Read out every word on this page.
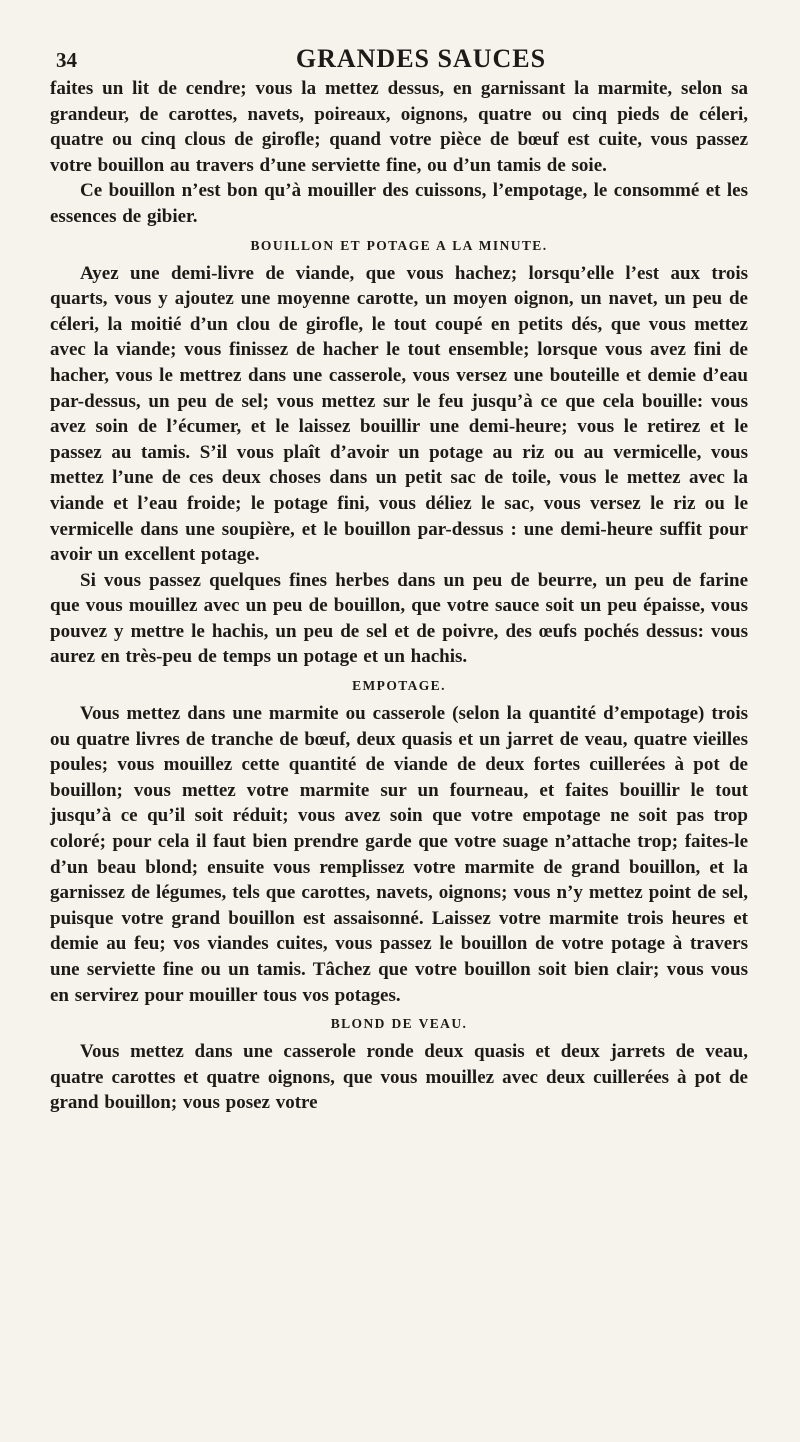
34	GRANDES SAUCES

faites un lit de cendre; vous la mettez dessus, en garnissant la marmite, selon sa grandeur, de carottes, navets, poireaux, oignons, quatre ou cinq pieds de céleri, quatre ou cinq clous de girofle; quand votre pièce de bœuf est cuite, vous passez votre bouillon au travers d’une serviette fine, ou d’un tamis de soie.

Ce bouillon n’est bon qu’à mouiller des cuissons, l’empotage, le consommé et les essences de gibier.

BOUILLON ET POTAGE A LA MINUTE.

Ayez une demi-livre de viande, que vous hachez; lorsqu’elle l’est aux trois quarts, vous y ajoutez une moyenne carotte, un moyen oignon, un navet, un peu de céleri, la moitié d’un clou de girofle, le tout coupé en petits dés, que vous mettez avec la viande; vous finissez de hacher le tout ensemble; lorsque vous avez fini de hacher, vous le mettrez dans une casserole, vous versez une bouteille et demie d’eau par-dessus, un peu de sel; vous mettez sur le feu jusqu’à ce que cela bouille: vous avez soin de l’écumer, et le laissez bouillir une demi-heure; vous le retirez et le passez au tamis. S’il vous plaît d’avoir un potage au riz ou au vermicelle, vous mettez l’une de ces deux choses dans un petit sac de toile, vous le mettez avec la viande et l’eau froide; le potage fini, vous déliez le sac, vous versez le riz ou le vermicelle dans une soupière, et le bouillon par-dessus : une demi-heure suffit pour avoir un excellent potage.

Si vous passez quelques fines herbes dans un peu de beurre, un peu de farine que vous mouillez avec un peu de bouillon, que votre sauce soit un peu épaisse, vous pouvez y mettre le hachis, un peu de sel et de poivre, des œufs pochés dessus: vous aurez en très-peu de temps un potage et un hachis.

EMPOTAGE.

Vous mettez dans une marmite ou casserole (selon la quantité d’empotage) trois ou quatre livres de tranche de bœuf, deux quasis et un jarret de veau, quatre vieilles poules; vous mouillez cette quantité de viande de deux fortes cuillerées à pot de bouillon; vous mettez votre marmite sur un fourneau, et faites bouillir le tout jusqu’à ce qu’il soit réduit; vous avez soin que votre empotage ne soit pas trop coloré; pour cela il faut bien prendre garde que votre suage n’attache trop; faites-le d’un beau blond; ensuite vous remplissez votre marmite de grand bouillon, et la garnissez de légumes, tels que carottes, navets, oignons; vous n’y mettez point de sel, puisque votre grand bouillon est assaisonné. Laissez votre marmite trois heures et demie au feu; vos viandes cuites, vous passez le bouillon de votre potage à travers une serviette fine ou un tamis. Tâchez que votre bouillon soit bien clair; vous vous en servirez pour mouiller tous vos potages.

BLOND DE VEAU.

Vous mettez dans une casserole ronde deux quasis et deux jarrets de veau, quatre carottes et quatre oignons, que vous mouillez avec deux cuillerées à pot de grand bouillon; vous posez votre
